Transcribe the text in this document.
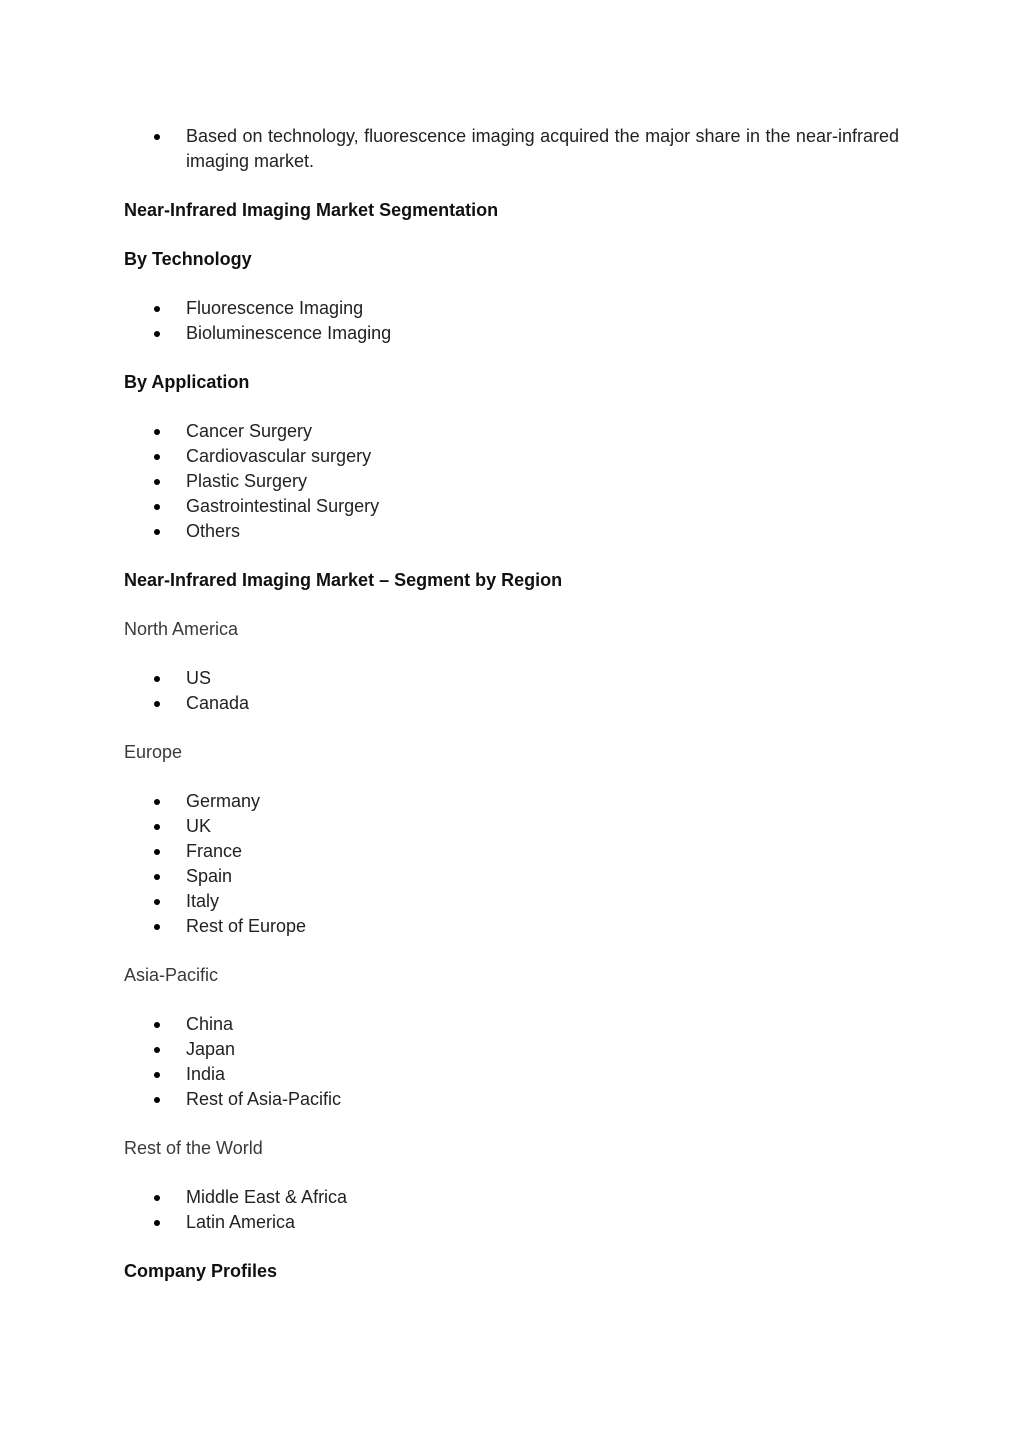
Based on technology, fluorescence imaging acquired the major share in the near-infrared imaging market.

Near-Infrared Imaging Market Segmentation

By Technology

Fluorescence Imaging
Bioluminescence Imaging

By Application

Cancer Surgery
Cardiovascular surgery
Plastic Surgery
Gastrointestinal Surgery
Others

Near-Infrared Imaging Market – Segment by Region

North America

US
Canada

Europe

Germany
UK
France
Spain
Italy
Rest of Europe

Asia-Pacific

China
Japan
India
Rest of Asia-Pacific

Rest of the World

Middle East & Africa
Latin America

Company Profiles
